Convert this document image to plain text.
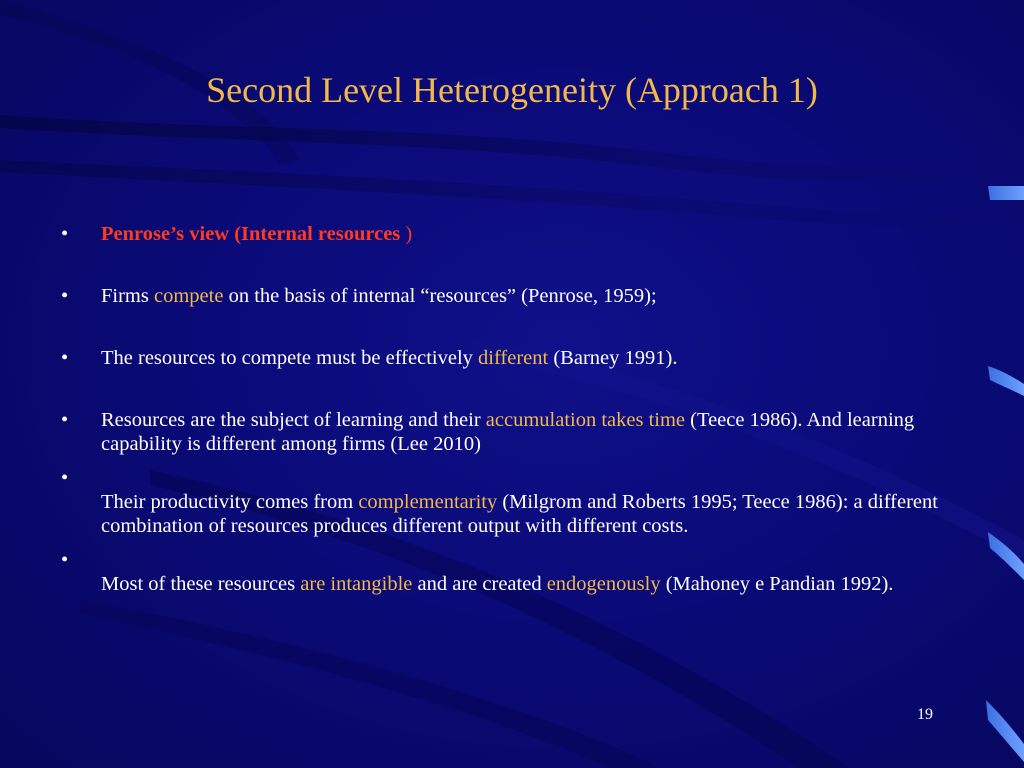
Second Level Heterogeneity (Approach 1)
• Penrose’s view (Internal resources )
• Firms compete on the basis of internal “resources” (Penrose, 1959);
• The resources to compete must be effectively different (Barney 1991).
• Resources are the subject of learning and their accumulation takes time (Teece 1986). And learning capability is different among firms (Lee 2010)
•
Their productivity comes from complementarity (Milgrom and Roberts 1995; Teece 1986): a different combination of resources produces different output with different costs.
•
Most of these resources are intangible and are created endogenously (Mahoney e Pandian 1992).
19
